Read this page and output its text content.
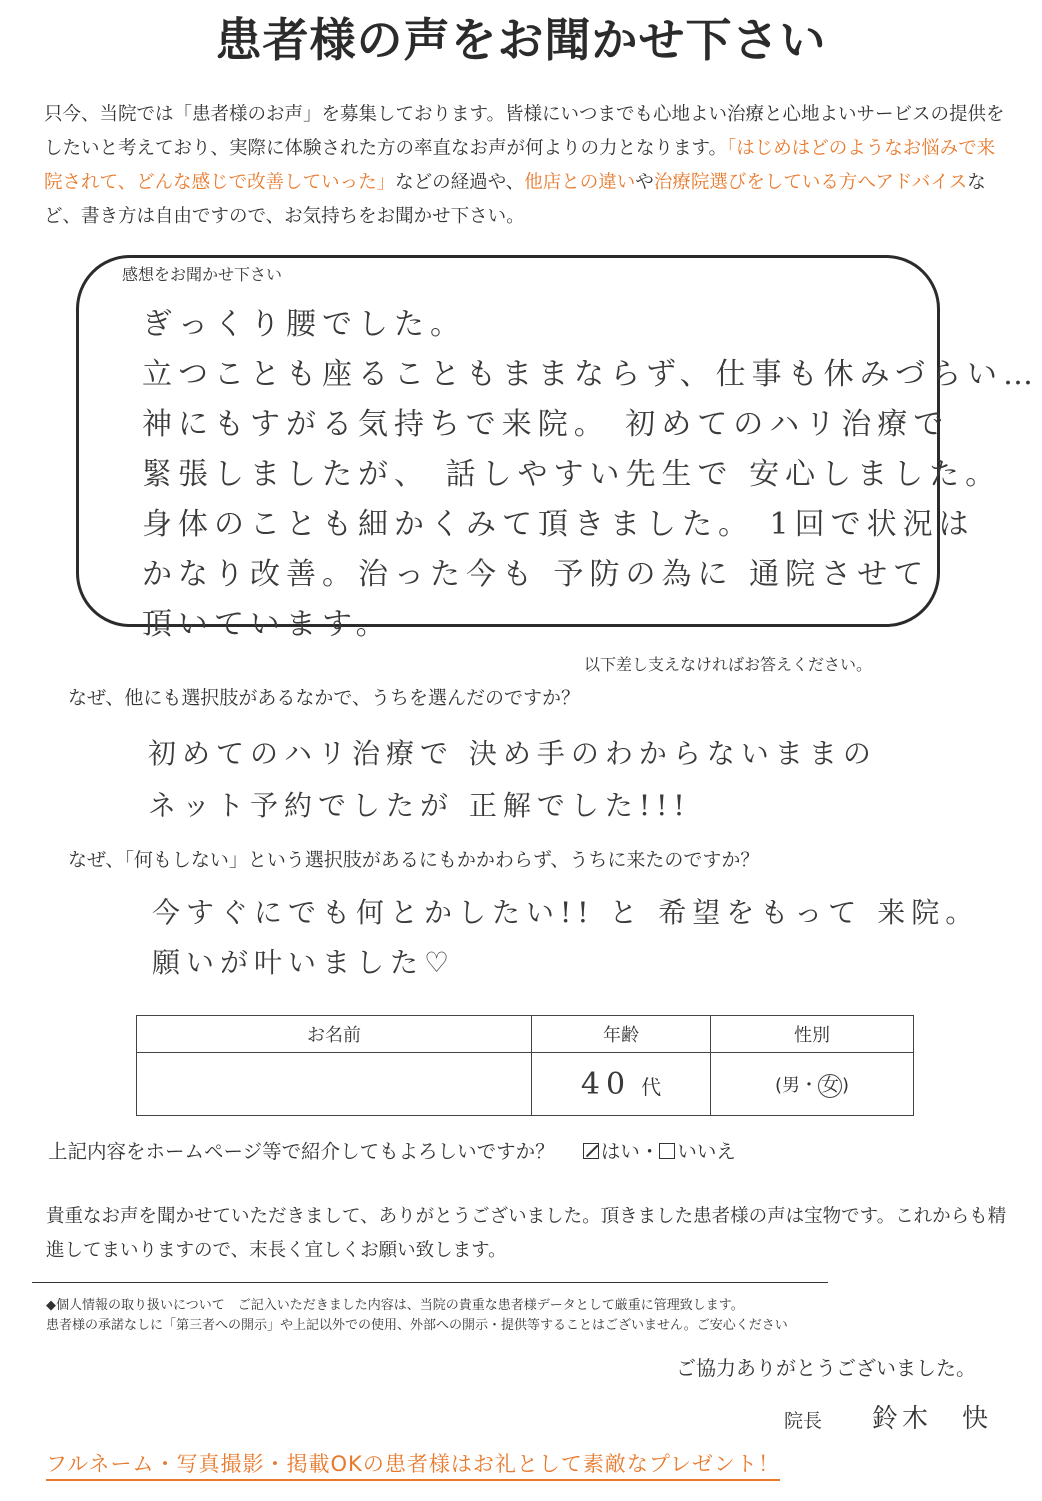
患者様の声をお聞かせ下さい
只今、当院では「患者様のお声」を募集しております。皆様にいつまでも心地よい治療と心地よいサービスの提供をしたいと考えており、実際に体験された方の率直なお声が何よりの力となります。「はじめはどのようなお悩みで来院されて、どんな感じで改善していった」などの経過や、他店との違いや治療院選びをしている方へアドバイスなど、書き方は自由ですので、お気持ちをお聞かせ下さい。
感想をお聞かせ下さい
ぎっくり腰でした。
立つことも座ることもままならず、仕事も休みづらい…
神にもすがる気持ちで来院。 初めてのハリ治療で
緊張しましたが、 話しやすい先生で 安心しました。
身体のことも細かくみて頂きました。 1回で状況は
かなり改善。治った今も 予防の為に 通院させて
頂いています。
以下差し支えなければお答えください。
なぜ、他にも選択肢があるなかで、うちを選んだのですか？
初めてのハリ治療で 決め手のわからないままの
ネット予約でしたが 正解でした!!!
なぜ、「何もしない」という選択肢があるにもかかわらず、うちに来たのですか？
今すぐにでも何とかしたい!! と 希望をもって 来院。
願いが叶いました♡
お名前	年齢	性別
	40 代	(男・ 女 )
上記内容をホームページ等で紹介してもよろしいですか？ はい・ いいえ
貴重なお声を聞かせていただきまして、ありがとうございました。頂きました患者様の声は宝物です。これからも精進してまいりますので、末長く宜しくお願い致します。
◆個人情報の取り扱いについて　ご記入いただきました内容は、当院の貴重な患者様データとして厳重に管理致します。
患者様の承諾なしに「第三者への開示」や上記以外での使用、外部への開示・提供等することはございません。ご安心ください
ご協力ありがとうございました。
院長 鈴木　快
フルネーム・写真撮影・掲載OKの患者様はお礼として素敵なプレゼント！
